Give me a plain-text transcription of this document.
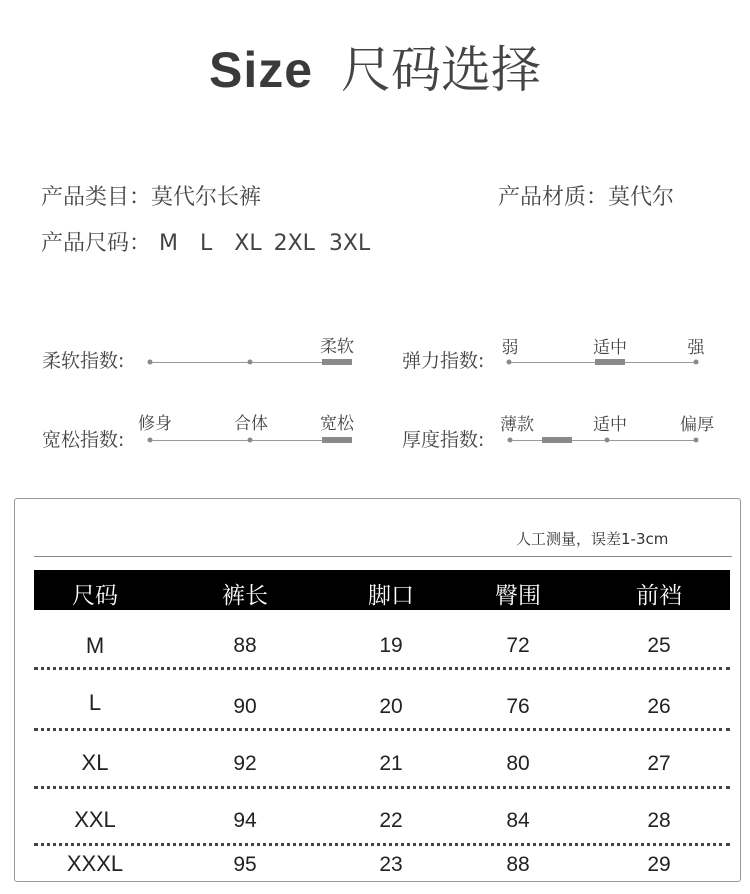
Size 尺码选择
产品类目：莫代尔长裤	产品材质：莫代尔
产品尺码： M L XL 2XL 3XL
柔软指数:
柔软
弹力指数:
弱	适中	强
宽松指数:
修身	合体	宽松
厚度指数:
薄款	适中	偏厚
人工测量，误差1-3cm
尺码	裤长	脚口	臀围	前裆
M	88	19	72	25
L	90	20	76	26
XL	92	21	80	27
XXL	94	22	84	28
XXXL	95	23	88	29
